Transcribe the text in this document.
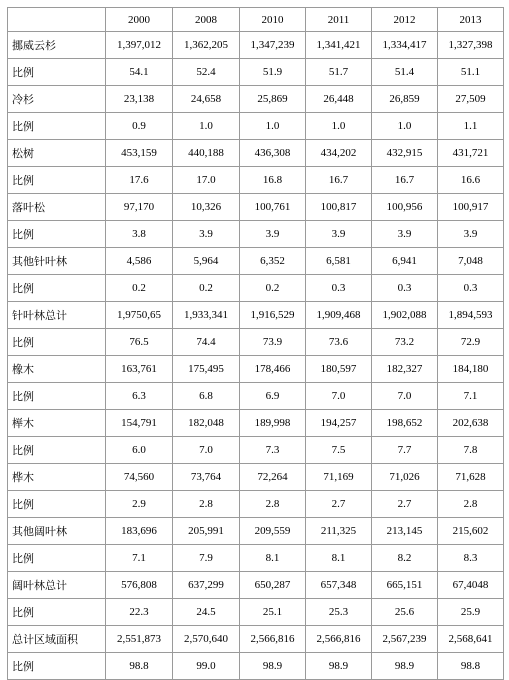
	2000	2008	2010	2011	2012	2013
挪威云杉	1,397,012	1,362,205	1,347,239	1,341,421	1,334,417	1,327,398
比例	54.1	52.4	51.9	51.7	51.4	51.1
冷杉	23,138	24,658	25,869	26,448	26,859	27,509
比例	0.9	1.0	1.0	1.0	1.0	1.1
松树	453,159	440,188	436,308	434,202	432,915	431,721
比例	17.6	17.0	16.8	16.7	16.7	16.6
落叶松	97,170	10,326	100,761	100,817	100,956	100,917
比例	3.8	3.9	3.9	3.9	3.9	3.9
其他针叶林	4,586	5,964	6,352	6,581	6,941	7,048
比例	0.2	0.2	0.2	0.3	0.3	0.3
针叶林总计	1,9750,65	1,933,341	1,916,529	1,909,468	1,902,088	1,894,593
比例	76.5	74.4	73.9	73.6	73.2	72.9
橡木	163,761	175,495	178,466	180,597	182,327	184,180
比例	6.3	6.8	6.9	7.0	7.0	7.1
榉木	154,791	182,048	189,998	194,257	198,652	202,638
比例	6.0	7.0	7.3	7.5	7.7	7.8
桦木	74,560	73,764	72,264	71,169	71,026	71,628
比例	2.9	2.8	2.8	2.7	2.7	2.8
其他阔叶林	183,696	205,991	209,559	211,325	213,145	215,602
比例	7.1	7.9	8.1	8.1	8.2	8.3
阔叶林总计	576,808	637,299	650,287	657,348	665,151	67,4048
比例	22.3	24.5	25.1	25.3	25.6	25.9
总计区域面积	2,551,873	2,570,640	2,566,816	2,566,816	2,567,239	2,568,641
比例	98.8	99.0	98.9	98.9	98.9	98.8
